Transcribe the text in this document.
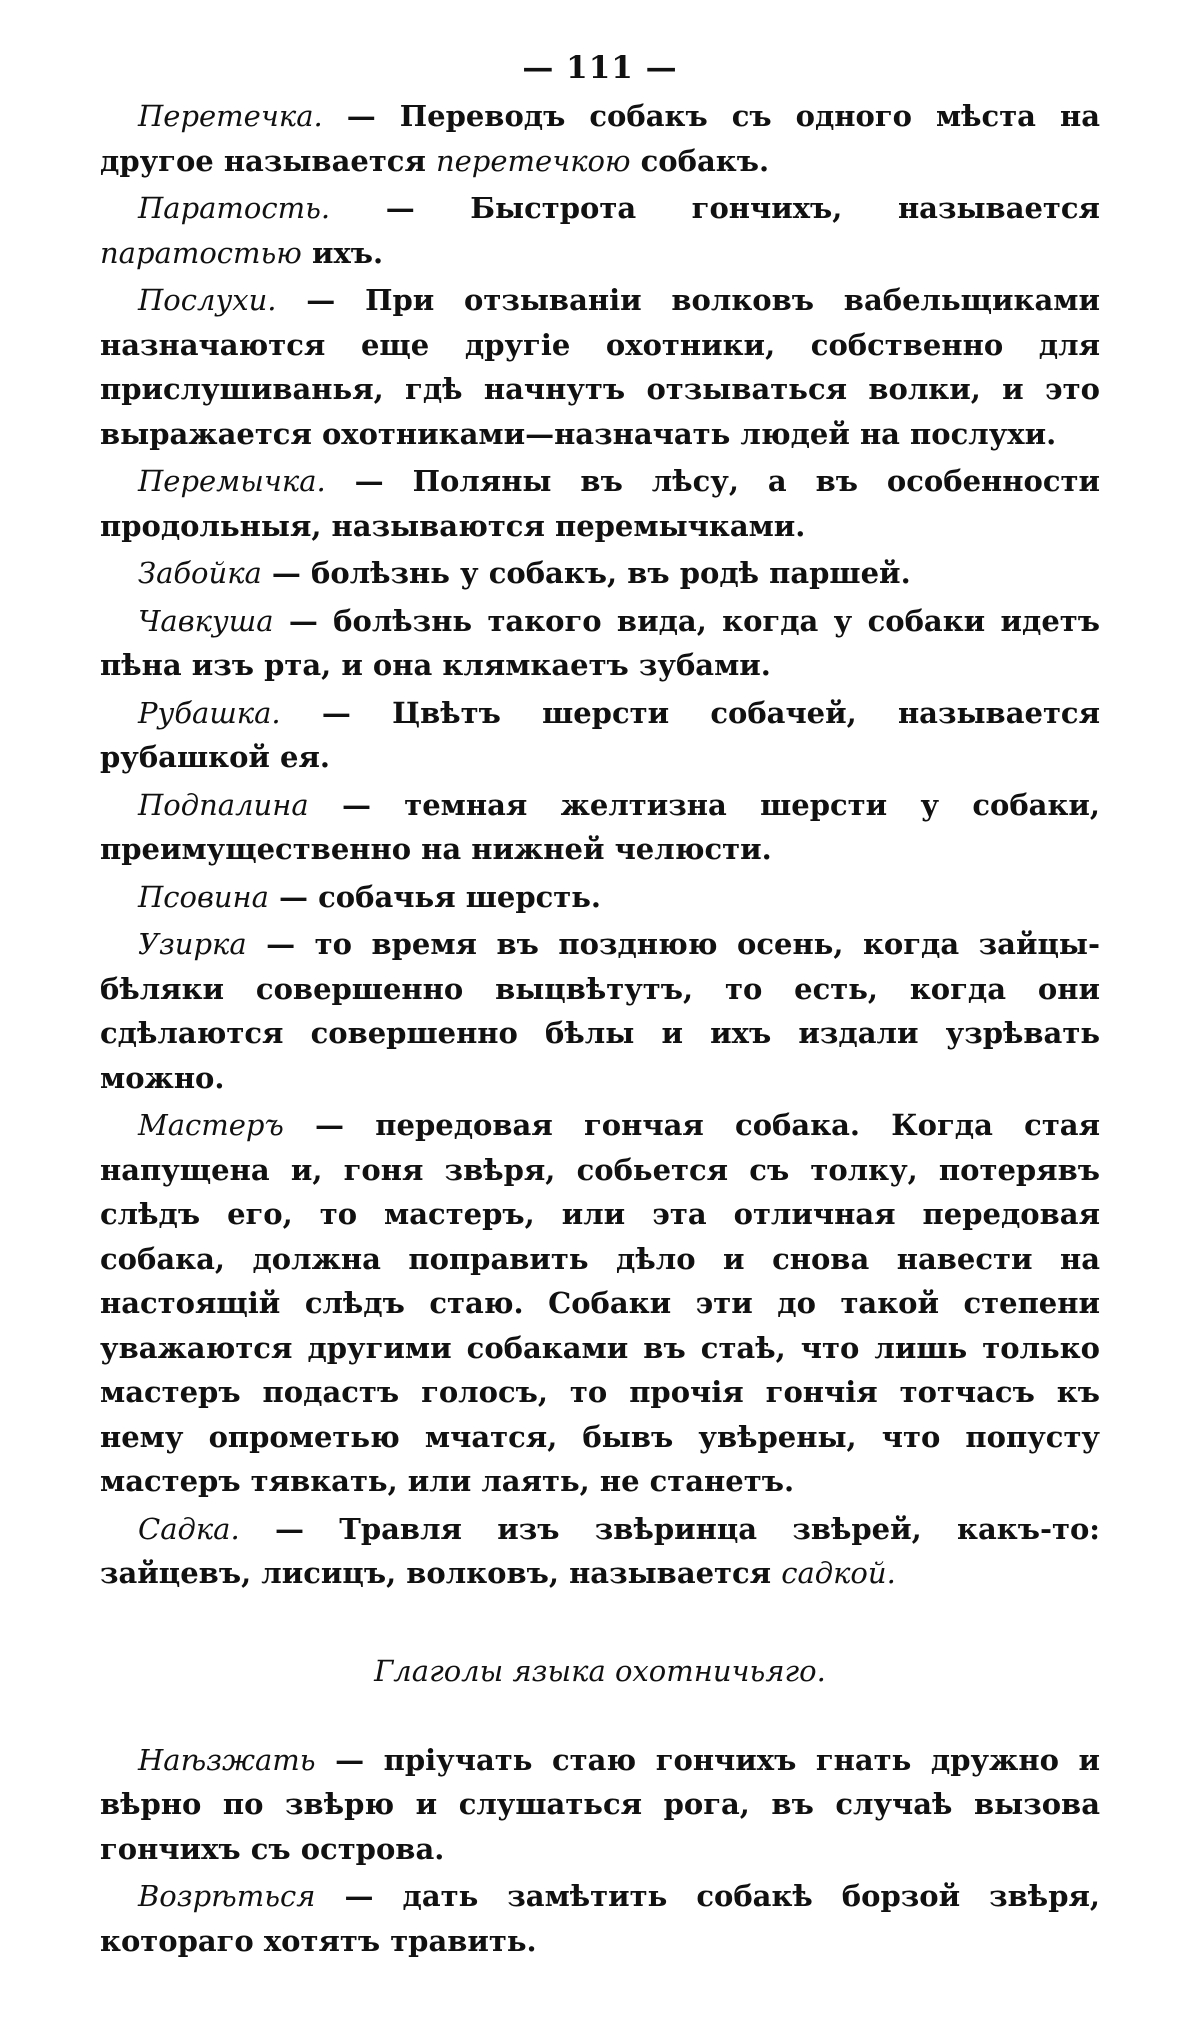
— 111 —

Перетечка. — Переводъ собакъ съ одного мѣста на другое называется перетечкою собакъ.

Паратость. — Быстрота гончихъ, называется паратостью ихъ.

Послухи. — При отзываніи волковъ вабельщиками назначаются еще другіе охотники, собственно для прислушиванья, гдѣ начнутъ отзываться волки, и это выражается охотниками—назначать людей на послухи.

Перемычка. — Поляны въ лѣсу, а въ особенности продольныя, называются перемычками.

Забойка — болѣзнь у собакъ, въ родѣ паршей.

Чавкуша — болѣзнь такого вида, когда у собаки идетъ пѣна изъ рта, и она клямкаетъ зубами.

Рубашка. — Цвѣтъ шерсти собачей, называется рубашкой ея.

Подпалина — темная желтизна шерсти у собаки, преимущественно на нижней челюсти.

Псовина — собачья шерсть.

Узирка — то время въ позднюю осень, когда зайцы-бѣляки совершенно выцвѣтутъ, то есть, когда они сдѣлаются совершенно бѣлы и ихъ издали узрѣвать можно.

Мастеръ — передовая гончая собака. Когда стая напущена и, гоня звѣря, собьется съ толку, потерявъ слѣдъ его, то мастеръ, или эта отличная передовая собака, должна поправить дѣло и снова навести на настоящій слѣдъ стаю. Собаки эти до такой степени уважаются другими собаками въ стаѣ, что лишь только мастеръ подастъ голосъ, то прочія гончія тотчасъ къ нему опрометью мчатся, бывъ увѣрены, что попусту мастеръ тявкать, или лаять, не станетъ.

Садка. — Травля изъ звѣринца звѣрей, какъ-то: зайцевъ, лисицъ, волковъ, называется садкой.

Глаголы языка охотничьяго.

Наѣзжать — пріучать стаю гончихъ гнать дружно и вѣрно по звѣрю и слушаться рога, въ случаѣ вызова гончихъ съ острова.

Возрѣться — дать замѣтить собакѣ борзой звѣря, котораго хотятъ травить.
